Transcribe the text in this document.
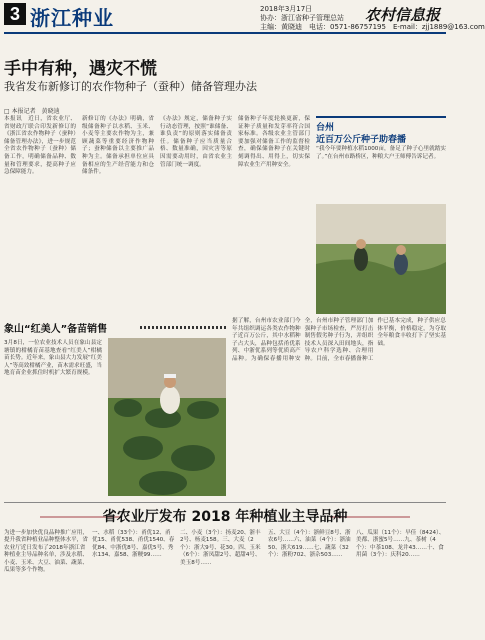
3 浙江种业	2018年3月17日
协办：浙江省种子管理总站
主编：黄晓迪　电话：0571-86757195　E-mail：zjj1889@163.com
农村信息报
手中有种，遇灾不慌
我省发布新修订的农作物种子（蚕种）储备管理办法
□ 本报记者　黄晓迪
本报讯　近日，省农业厅、省财政厅联合印发新修订的《浙江省农作物种子（蚕种）储备管理办法》，进一步规范全省农作物种子（蚕种）储备工作，明确储备品种、数量和管理要求，提高种子应急保障能力。
新修订的《办法》明确，省级储备种子以水稻、玉米、小麦等主要农作物为主，兼顾蔬菜等重要经济作物种子；蚕种储备以主要推广品种为主。储备承担单位应具备相应的生产经营能力和仓储条件。
《办法》规定，储备种子实行动态管理，按照“谁储备、谁负责”的原则落实储备责任。储备种子应当质量合格、数量准确，因灾害等原因需要动用时，由省农业主管部门统一调度。
储备种子年度轮换更新，保证种子质量和发芽率符合国家标准。各级农业主管部门要加强对储备工作的监督检查，确保储备种子在关键时刻调得出、用得上，切实保障农业生产用种安全。
台州
近百万公斤种子助春播
“我今年要种植水稻1000亩，备足了种子心里就踏实了。”在台州市路桥区，种粮大户王师傅告诉记者。
据了解，台州市农业部门今年共组织调运各类农作物种子近百万公斤，其中水稻种子占大头，品种包括甬优系列、中浙优系列等优质高产品种。为确保春播用种安全，台州市种子管理部门加强种子市场检查，严厉打击制售假劣种子行为，并组织技术人员深入田间地头，指导农户科学选种、合理用种。目前，全市春播备种工作已基本完成，种子供应总体平衡，价格稳定，为夺取全年粮食丰收打下了坚实基础。
象山“红美人”备苗销售
3月8日，一位农业技术人员在象山县定塘镇的柑橘育苗基地查看“红美人”柑橘苗长势。近年来，象山县大力发展“红美人”等高效柑橘产业，苗木需求旺盛，当地育苗企业抓住时机扩大繁育规模。
省农业厅发布 2018 年种植业主导品种
为进一步加快优良品种推广应用，提升我省种植业品种整体水平，省农业厅近日发布了2018年浙江省种植业主导品种名单，涉及水稻、小麦、玉米、大豆、油菜、蔬菜、瓜果等多个作物。
一、水稻（33个）：甬优12、甬优15、甬优538、甬优1540、春优84、中浙优8号、嘉优5号、秀水134、嘉58、浙粳99……
二、小麦（3个）：扬麦20、浙丰2号、杨麦158。三、大麦（2个）：浙大9号、花30。四、玉米（6个）：浙凤甜2号、超甜4号、美玉8号……
五、大豆（4个）：浙鲜豆8号、浙农6号……六、油菜（4个）：浙油50、浙大619……七、蔬菜（32个）：浙粉702、浙杂503……
八、瓜果（11个）：早佳（8424）、美都、浙蜜5号……九、茶树（4个）：中茶108、龙井43……十、食用菌（3个）：庆科20……
